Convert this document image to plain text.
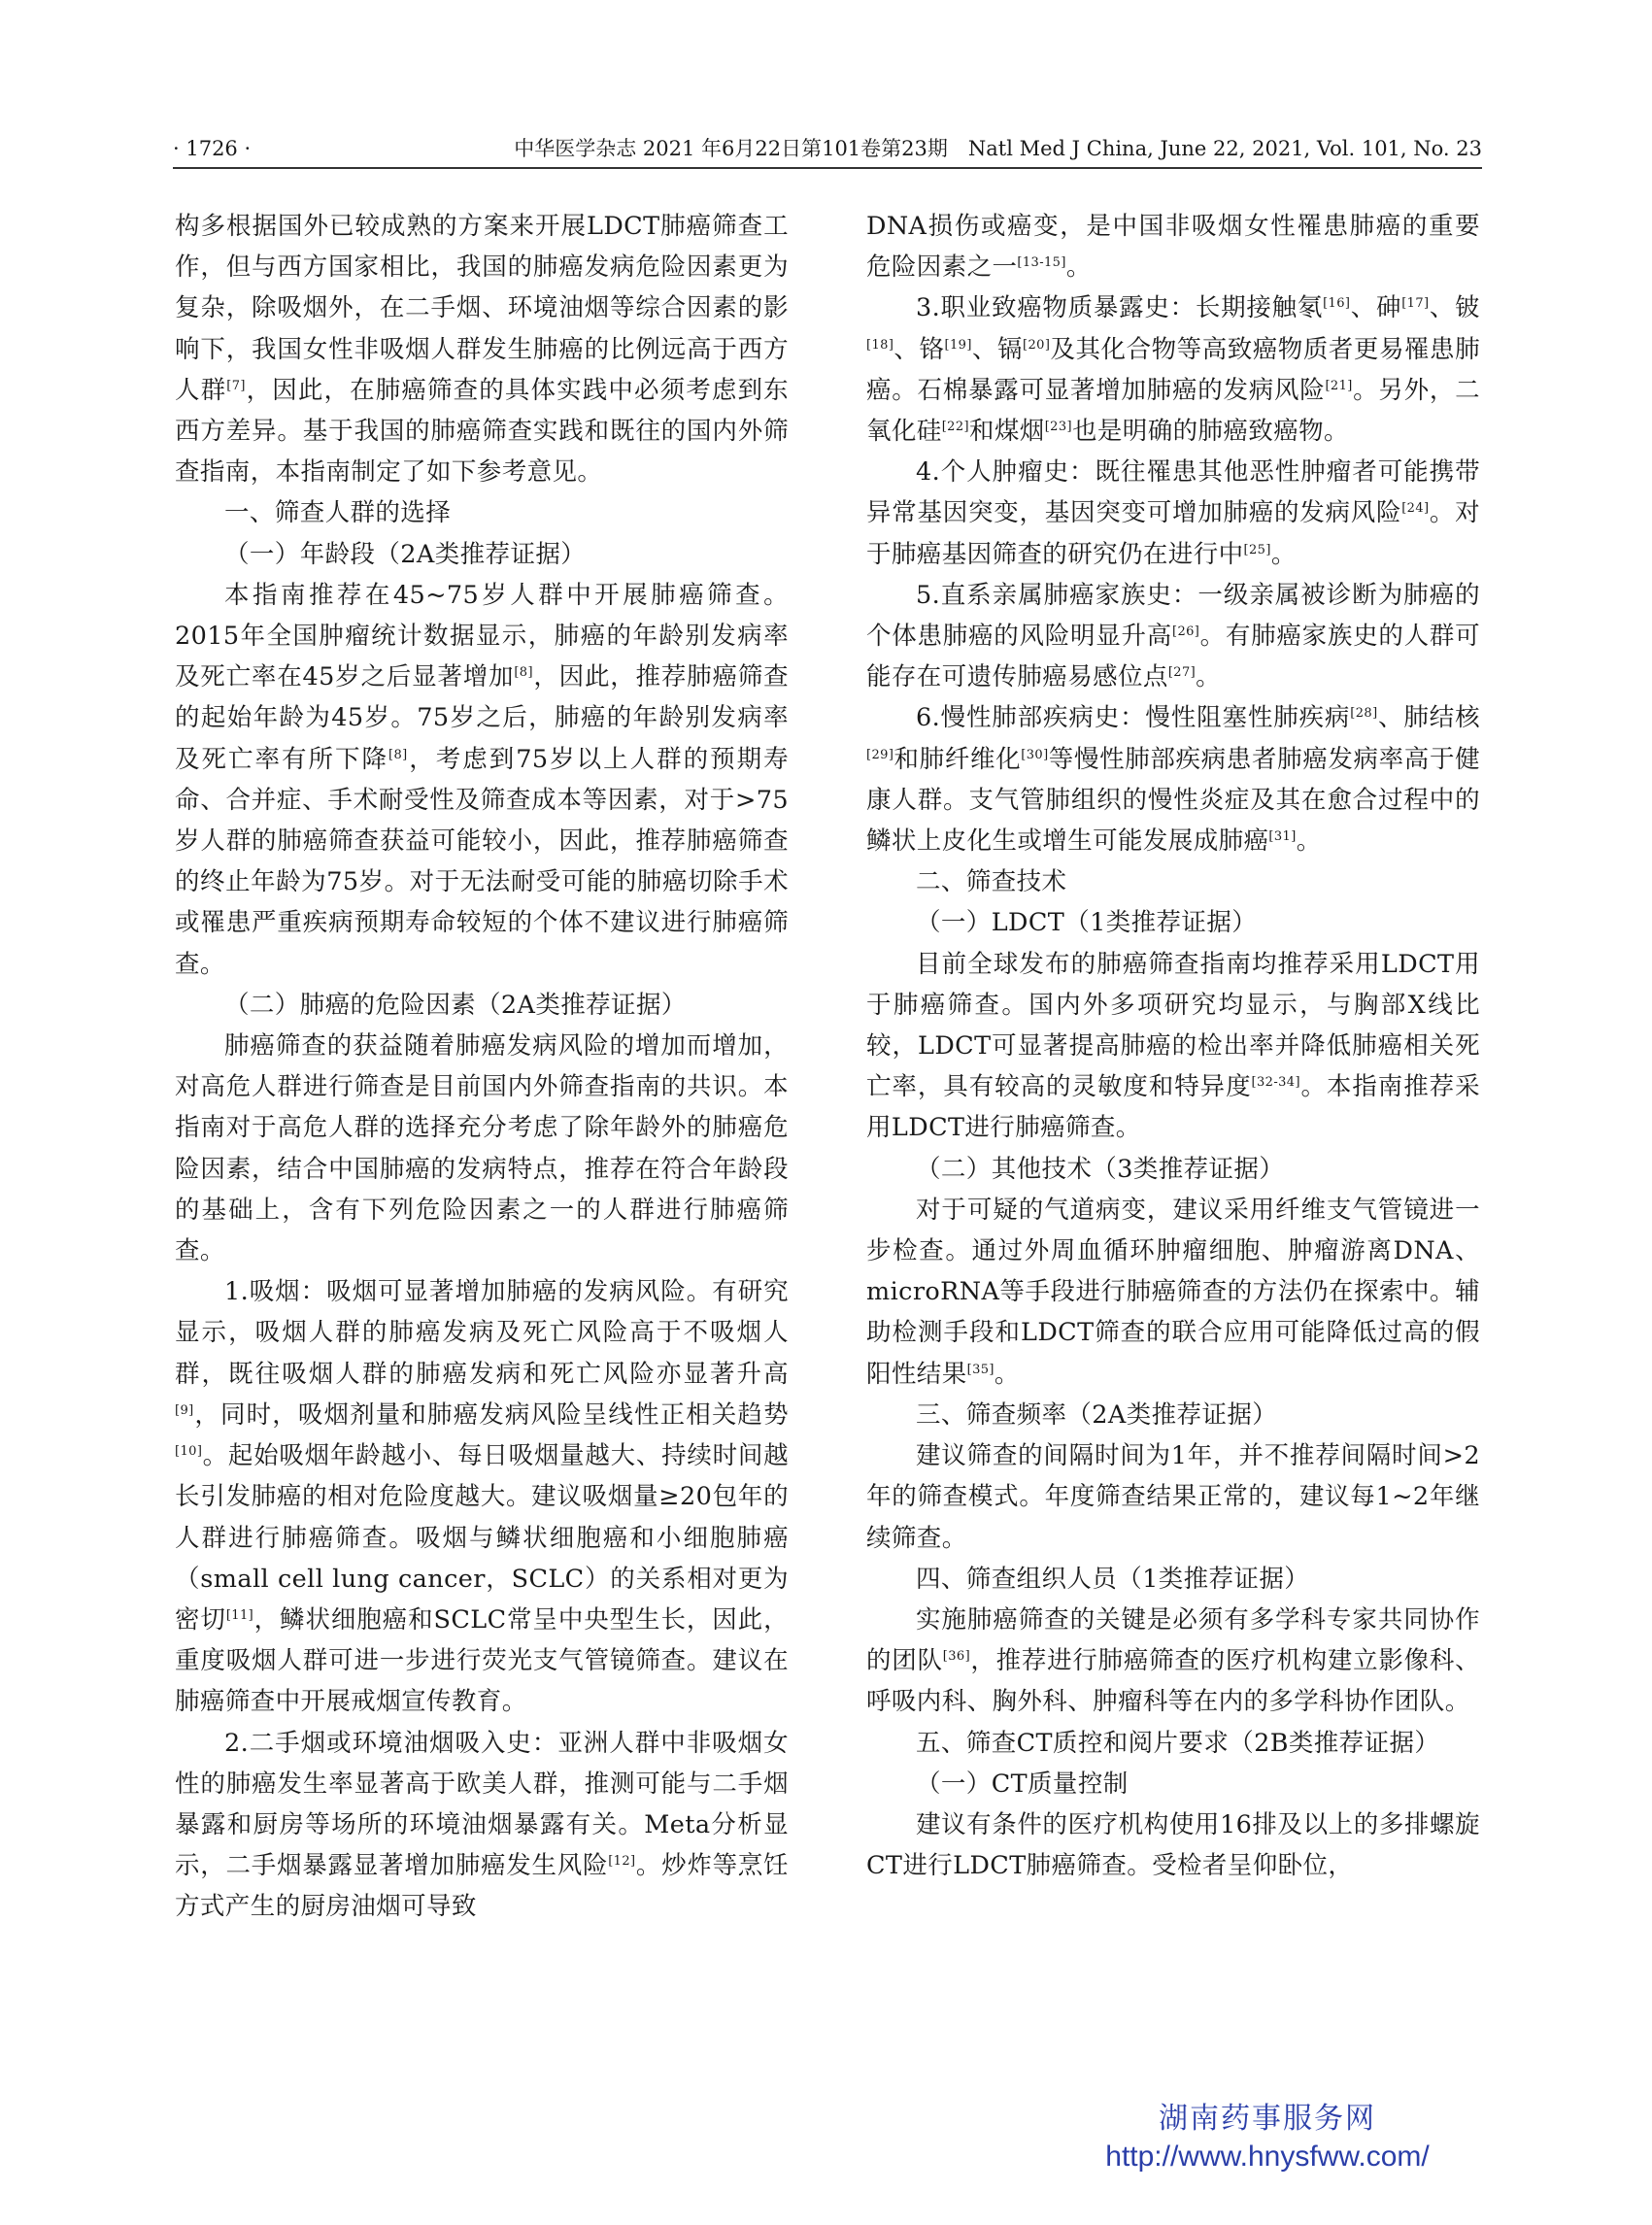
· 1726 ·	中华医学杂志 2021 年6月22日第101卷第23期　Natl Med J China, June 22, 2021, Vol. 101, No. 23

构多根据国外已较成熟的方案来开展LDCT肺癌筛查工作，但与西方国家相比，我国的肺癌发病危险因素更为复杂，除吸烟外，在二手烟、环境油烟等综合因素的影响下，我国女性非吸烟人群发生肺癌的比例远高于西方人群[7]，因此，在肺癌筛查的具体实践中必须考虑到东西方差异。基于我国的肺癌筛查实践和既往的国内外筛查指南，本指南制定了如下参考意见。

一、筛查人群的选择

（一）年龄段（2A类推荐证据）

本指南推荐在45~75岁人群中开展肺癌筛查。2015年全国肿瘤统计数据显示，肺癌的年龄别发病率及死亡率在45岁之后显著增加[8]，因此，推荐肺癌筛查的起始年龄为45岁。75岁之后，肺癌的年龄别发病率及死亡率有所下降[8]，考虑到75岁以上人群的预期寿命、合并症、手术耐受性及筛查成本等因素，对于>75岁人群的肺癌筛查获益可能较小，因此，推荐肺癌筛查的终止年龄为75岁。对于无法耐受可能的肺癌切除手术或罹患严重疾病预期寿命较短的个体不建议进行肺癌筛查。

（二）肺癌的危险因素（2A类推荐证据）

肺癌筛查的获益随着肺癌发病风险的增加而增加，对高危人群进行筛查是目前国内外筛查指南的共识。本指南对于高危人群的选择充分考虑了除年龄外的肺癌危险因素，结合中国肺癌的发病特点，推荐在符合年龄段的基础上，含有下列危险因素之一的人群进行肺癌筛查。

1.吸烟：吸烟可显著增加肺癌的发病风险。有研究显示，吸烟人群的肺癌发病及死亡风险高于不吸烟人群，既往吸烟人群的肺癌发病和死亡风险亦显著升高[9]，同时，吸烟剂量和肺癌发病风险呈线性正相关趋势[10]。起始吸烟年龄越小、每日吸烟量越大、持续时间越长引发肺癌的相对危险度越大。建议吸烟量≥20包年的人群进行肺癌筛查。吸烟与鳞状细胞癌和小细胞肺癌（small cell lung cancer，SCLC）的关系相对更为密切[11]，鳞状细胞癌和SCLC常呈中央型生长，因此，重度吸烟人群可进一步进行荧光支气管镜筛查。建议在肺癌筛查中开展戒烟宣传教育。

2.二手烟或环境油烟吸入史：亚洲人群中非吸烟女性的肺癌发生率显著高于欧美人群，推测可能与二手烟暴露和厨房等场所的环境油烟暴露有关。Meta分析显示，二手烟暴露显著增加肺癌发生风险[12]。炒炸等烹饪方式产生的厨房油烟可导致

DNA损伤或癌变，是中国非吸烟女性罹患肺癌的重要危险因素之一[13-15]。

3.职业致癌物质暴露史：长期接触氡[16]、砷[17]、铍[18]、铬[19]、镉[20]及其化合物等高致癌物质者更易罹患肺癌。石棉暴露可显著增加肺癌的发病风险[21]。另外，二氧化硅[22]和煤烟[23]也是明确的肺癌致癌物。

4.个人肿瘤史：既往罹患其他恶性肿瘤者可能携带异常基因突变，基因突变可增加肺癌的发病风险[24]。对于肺癌基因筛查的研究仍在进行中[25]。

5.直系亲属肺癌家族史：一级亲属被诊断为肺癌的个体患肺癌的风险明显升高[26]。有肺癌家族史的人群可能存在可遗传肺癌易感位点[27]。

6.慢性肺部疾病史：慢性阻塞性肺疾病[28]、肺结核[29]和肺纤维化[30]等慢性肺部疾病患者肺癌发病率高于健康人群。支气管肺组织的慢性炎症及其在愈合过程中的鳞状上皮化生或增生可能发展成肺癌[31]。

二、筛查技术

（一）LDCT（1类推荐证据）

目前全球发布的肺癌筛查指南均推荐采用LDCT用于肺癌筛查。国内外多项研究均显示，与胸部X线比较，LDCT可显著提高肺癌的检出率并降低肺癌相关死亡率，具有较高的灵敏度和特异度[32-34]。本指南推荐采用LDCT进行肺癌筛查。

（二）其他技术（3类推荐证据）

对于可疑的气道病变，建议采用纤维支气管镜进一步检查。通过外周血循环肿瘤细胞、肿瘤游离DNA、microRNA等手段进行肺癌筛查的方法仍在探索中。辅助检测手段和LDCT筛查的联合应用可能降低过高的假阳性结果[35]。

三、筛查频率（2A类推荐证据）

建议筛查的间隔时间为1年，并不推荐间隔时间>2年的筛查模式。年度筛查结果正常的，建议每1~2年继续筛查。

四、筛查组织人员（1类推荐证据）

实施肺癌筛查的关键是必须有多学科专家共同协作的团队[36]，推荐进行肺癌筛查的医疗机构建立影像科、呼吸内科、胸外科、肿瘤科等在内的多学科协作团队。

五、筛查CT质控和阅片要求（2B类推荐证据）

（一）CT质量控制

建议有条件的医疗机构使用16排及以上的多排螺旋CT进行LDCT肺癌筛查。受检者呈仰卧位，

湖南药事服务网
http://www.hnysfww.com/
